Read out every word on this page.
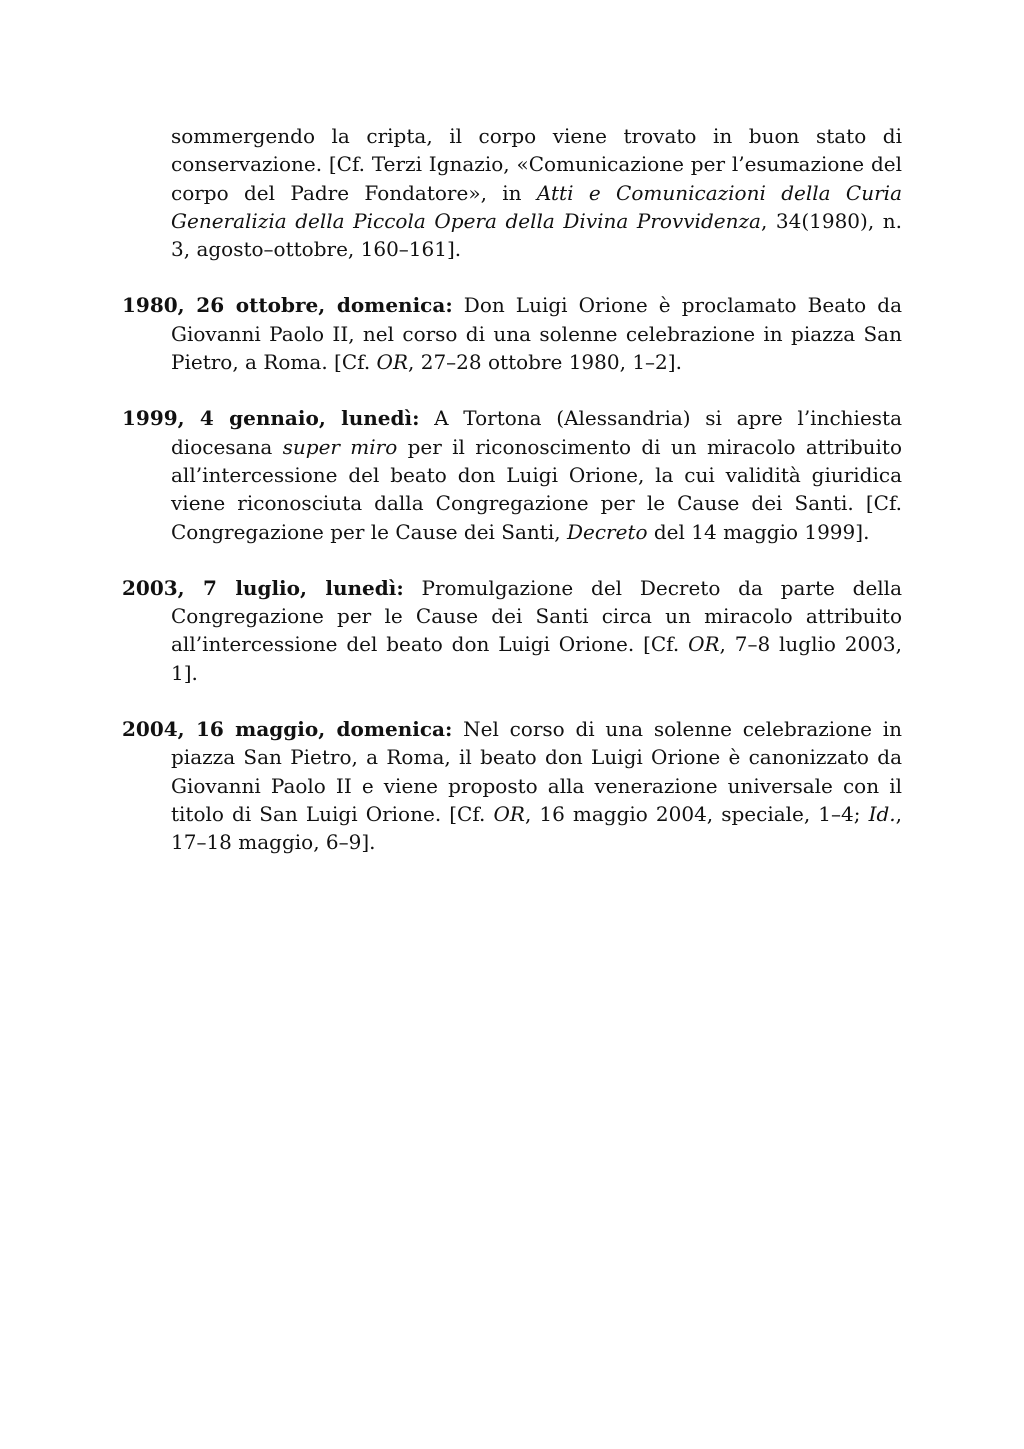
sommergendo la cripta, il corpo viene trovato in buon stato di conservazione. [Cf. Terzi Ignazio, «Comunicazione per l’esumazione del corpo del Padre Fondatore», in Atti e Comunicazioni della Curia Generalizia della Piccola Opera della Divina Provvidenza, 34(1980), n. 3, agosto–ottobre, 160–161].

1980, 26 ottobre, domenica: Don Luigi Orione è proclamato Beato da Giovanni Paolo II, nel corso di una solenne celebrazione in piazza San Pietro, a Roma. [Cf. OR, 27–28 ottobre 1980, 1–2].

1999, 4 gennaio, lunedì: A Tortona (Alessandria) si apre l’inchiesta diocesana super miro per il riconoscimento di un miracolo attribuito all’intercessione del beato don Luigi Orione, la cui validità giuridica viene riconosciuta dalla Congregazione per le Cause dei Santi. [Cf. Congregazione per le Cause dei Santi, Decreto del 14 maggio 1999].

2003, 7 luglio, lunedì: Promulgazione del Decreto da parte della Congregazione per le Cause dei Santi circa un miracolo attribuito all’intercessione del beato don Luigi Orione. [Cf. OR, 7–8 luglio 2003, 1].

2004, 16 maggio, domenica: Nel corso di una solenne celebrazione in piazza San Pietro, a Roma, il beato don Luigi Orione è canonizzato da Giovanni Paolo II e viene proposto alla venerazione universale con il titolo di San Luigi Orione. [Cf. OR, 16 maggio 2004, speciale, 1–4; Id., 17–18 maggio, 6–9].
